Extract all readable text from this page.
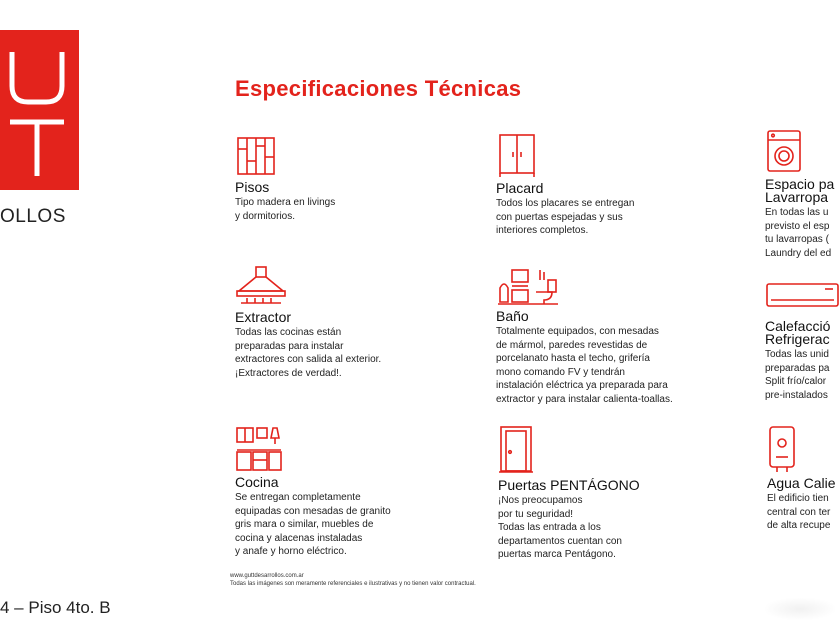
OLLOS
Especificaciones Técnicas
Pisos
Tipo madera en livings
y dormitorios.
Placard
Todos los placares se entregan
con puertas espejadas y sus
interiores completos.
Espacio pa
Lavarropa
En todas las u
previsto el esp
tu lavarropas (
Laundry del ed
Extractor
Todas las cocinas están
preparadas para instalar
extractores con salida al exterior.
¡Extractores de verdad!.
Baño
Totalmente equipados, con mesadas
de mármol, paredes revestidas de
porcelanato hasta el techo, grifería
mono comando FV y tendrán
instalación eléctrica ya preparada para
extractor y para instalar calienta-toallas.
Calefacció
Refrigerac
Todas las unid
preparadas pa
Split frío/calor
pre-instalados
Cocina
Se entregan completamente
equipadas con mesadas de granito
gris mara o similar, muebles de
cocina y alacenas instaladas
y anafe y horno eléctrico.
Puertas PENTÁGONO
¡Nos preocupamos
por tu seguridad!
Todas las entrada a los
departamentos cuentan con
puertas marca Pentágono.
Agua Calie
El edificio tien
central con ter
de alta recupe
www.guttdesarrollos.com.ar
Todas las imágenes son meramente referenciales e ilustrativas y no tienen valor contractual.
4 – Piso 4to. B
